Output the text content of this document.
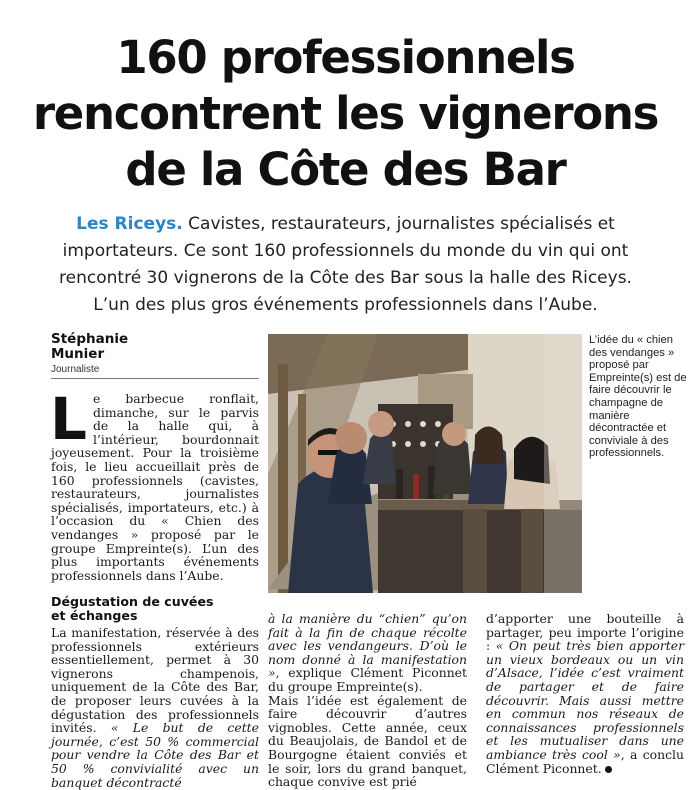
160 professionnels
rencontrent les vignerons
de la Côte des Bar

Les Riceys. Cavistes, restaurateurs, journalistes spécialisés et importateurs. Ce sont 160 professionnels du monde du vin qui ont rencontré 30 vignerons de la Côte des Bar sous la halle des Riceys. L’un des plus gros événements professionnels dans l’Aube.

Stéphanie
Munier
Journaliste

Le barbecue ronflait, dimanche, sur le parvis de la halle qui, à l’intérieur, bourdonnait joyeusement. Pour la troisième fois, le lieu accueillait près de 160 professionnels (cavistes, restaurateurs, journalistes spécialisés, importateurs, etc.) à l’occasion du « Chien des vendanges » proposé par le groupe Empreinte(s). L’un des plus importants événements professionnels dans l’Aube.

Dégustation de cuvées
et échanges

La manifestation, réservée à des professionnels extérieurs essentiellement, permet à 30 vignerons champenois, uniquement de la Côte des Bar, de proposer leurs cuvées à la dégustation des professionnels invités. « Le but de cette journée, c’est 50 % commercial pour vendre la Côte des Bar et 50 % convivialité avec un banquet décontracté

à la manière du “chien” qu’on fait à la fin de chaque récolte avec les vendangeurs. D’où le nom donné à la manifestation », explique Clément Piconnet du groupe Empreinte(s).

Mais l’idée est également de faire découvrir d’autres vignobles. Cette année, ceux du Beaujolais, de Bandol et de Bourgogne étaient conviés et le soir, lors du grand banquet, chaque convive est prié

d’apporter une bouteille à partager, peu importe l’origine : « On peut très bien apporter un vieux bordeaux ou un vin d’Alsace, l’idée c’est vraiment de partager et de faire découvrir. Mais aussi mettre en commun nos réseaux de connaissances professionnels et les mutualiser dans une ambiance très cool », a conclu Clément Piconnet.

L’idée du « chien des vendanges » proposé par Empreinte(s) est de faire découvrir le champagne de manière décontractée et conviviale à des professionnels.
